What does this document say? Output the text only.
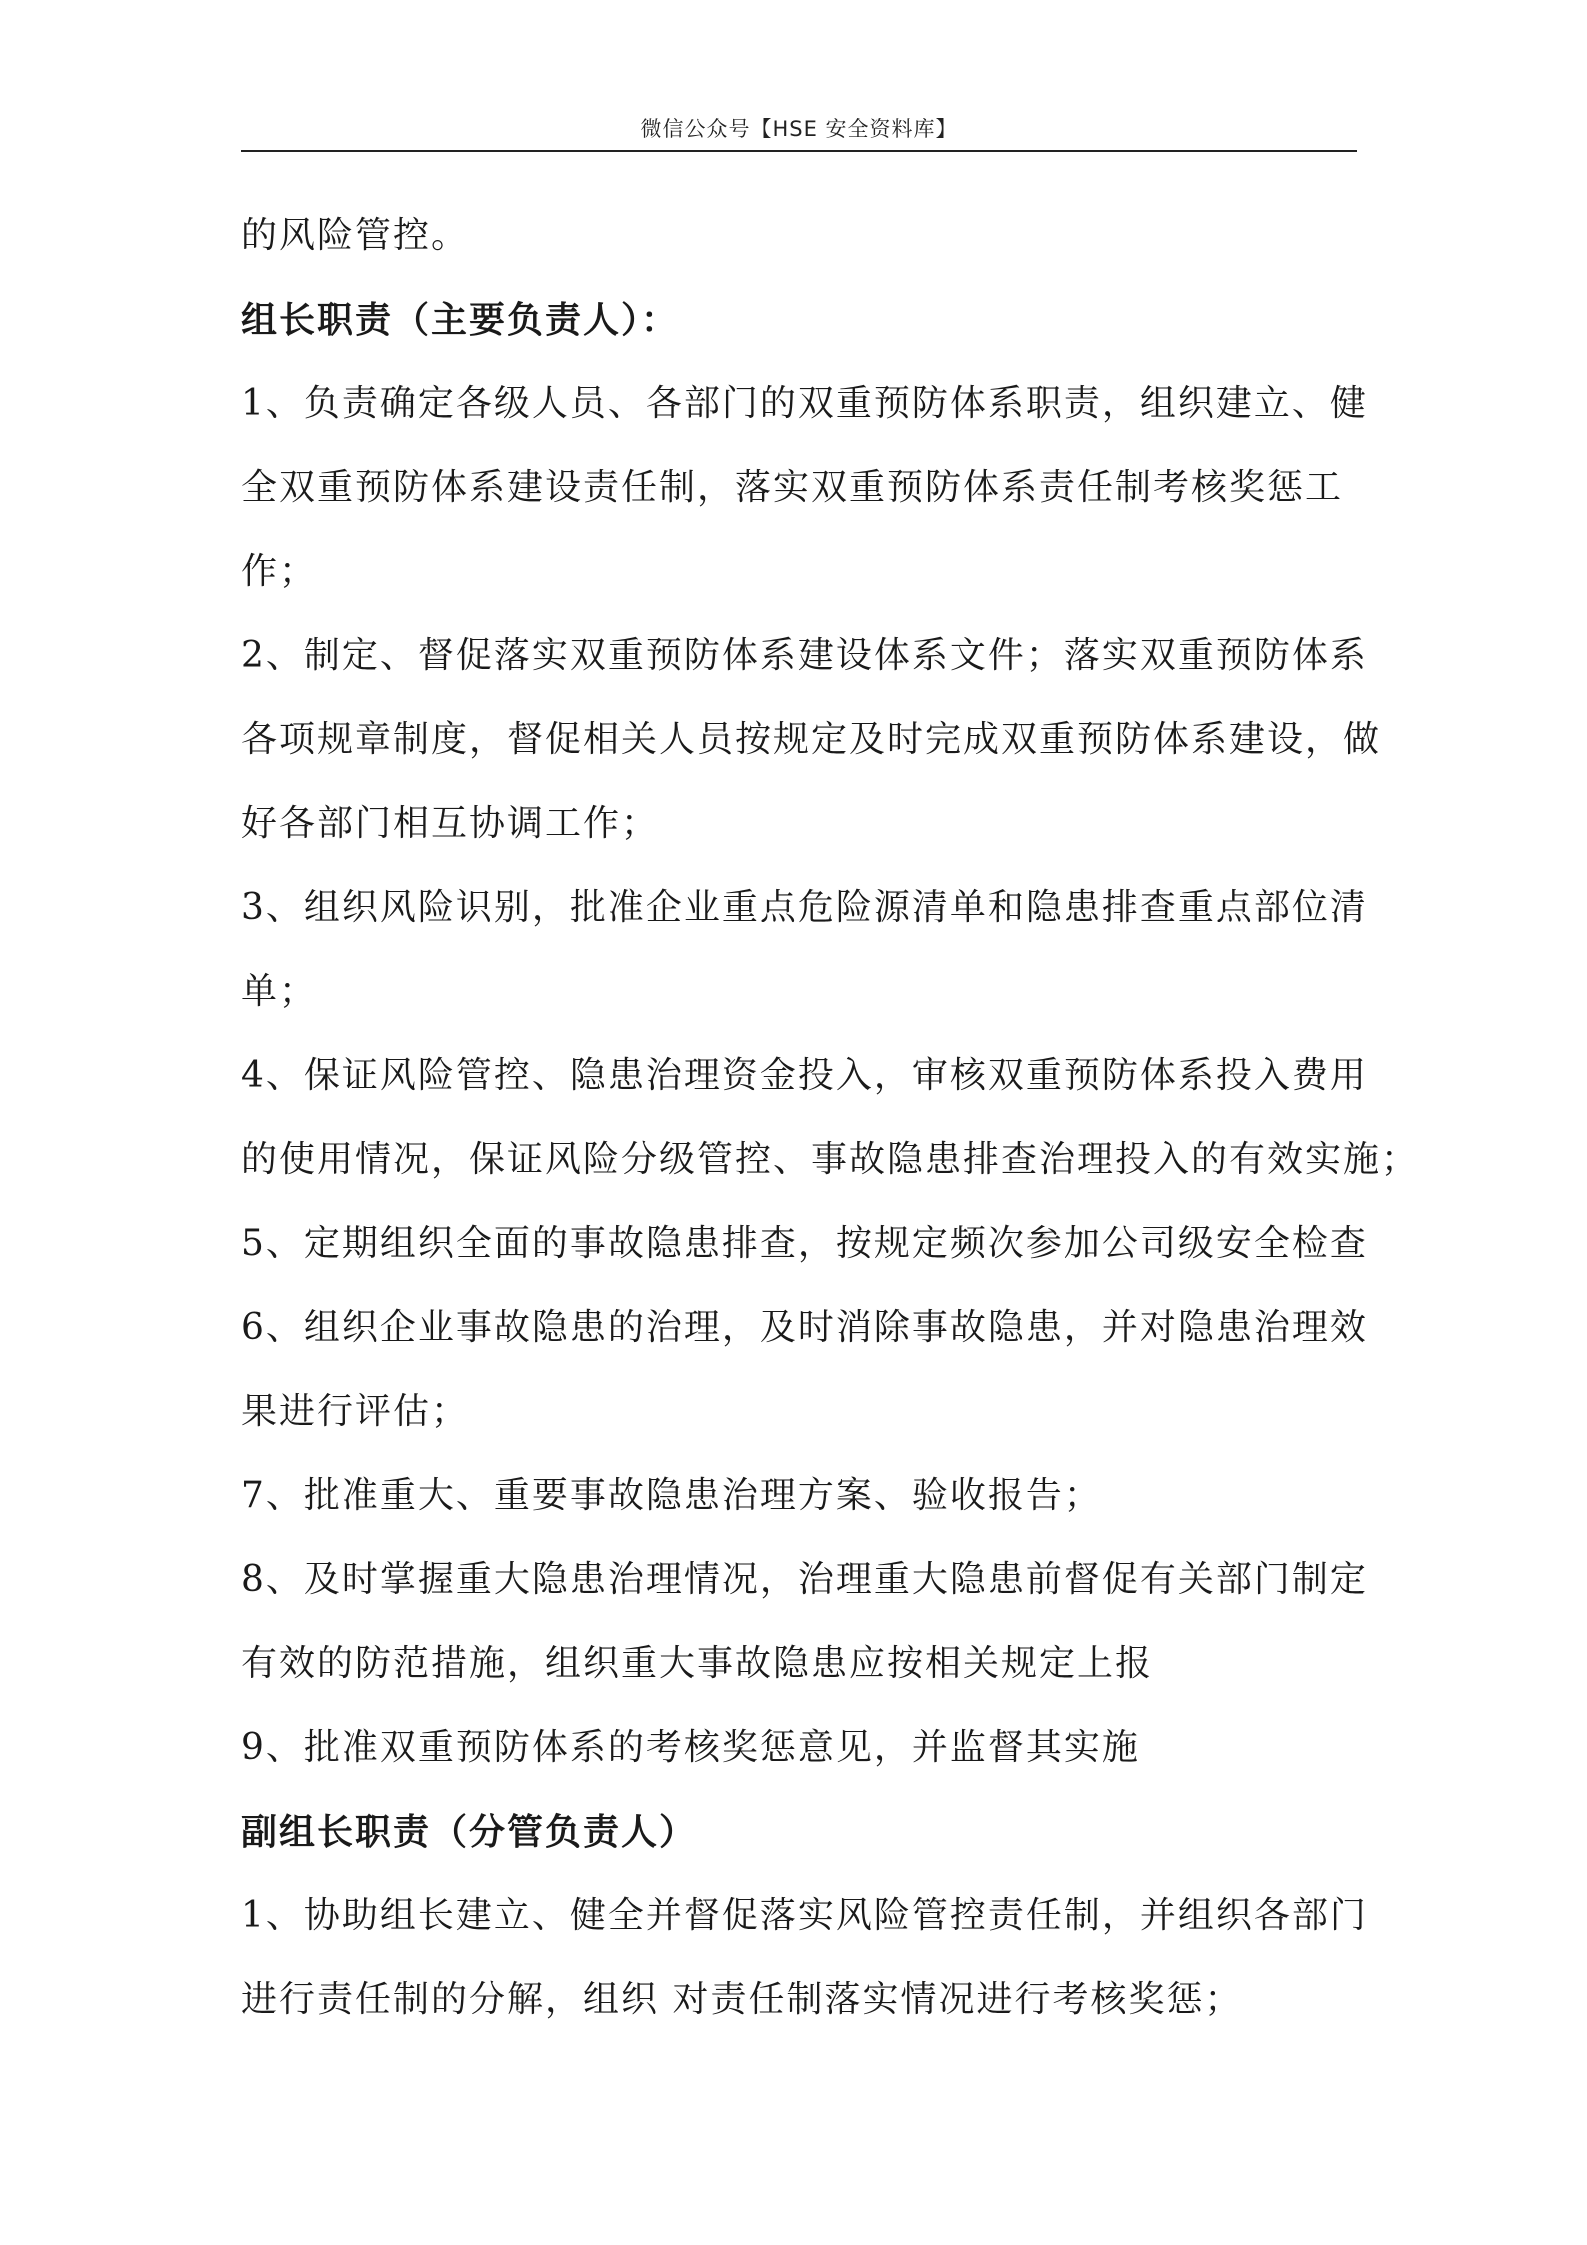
微信公众号【HSE 安全资料库】
的风险管控。
组长职责（主要负责人）：
1、负责确定各级人员、各部门的双重预防体系职责，组织建立、健
全双重预防体系建设责任制，落实双重预防体系责任制考核奖惩工
作；
2、制定、督促落实双重预防体系建设体系文件；落实双重预防体系
各项规章制度，督促相关人员按规定及时完成双重预防体系建设，做
好各部门相互协调工作；
3、组织风险识别，批准企业重点危险源清单和隐患排查重点部位清
单；
4、保证风险管控、隐患治理资金投入，审核双重预防体系投入费用
的使用情况，保证风险分级管控、事故隐患排查治理投入的有效实施；
5、定期组织全面的事故隐患排查，按规定频次参加公司级安全检查
6、组织企业事故隐患的治理，及时消除事故隐患，并对隐患治理效
果进行评估；
7、批准重大、重要事故隐患治理方案、验收报告；
8、及时掌握重大隐患治理情况，治理重大隐患前督促有关部门制定
有效的防范措施，组织重大事故隐患应按相关规定上报
9、批准双重预防体系的考核奖惩意见，并监督其实施
副组长职责（分管负责人）
1、协助组长建立、健全并督促落实风险管控责任制，并组织各部门
进行责任制的分解，组织 对责任制落实情况进行考核奖惩；
